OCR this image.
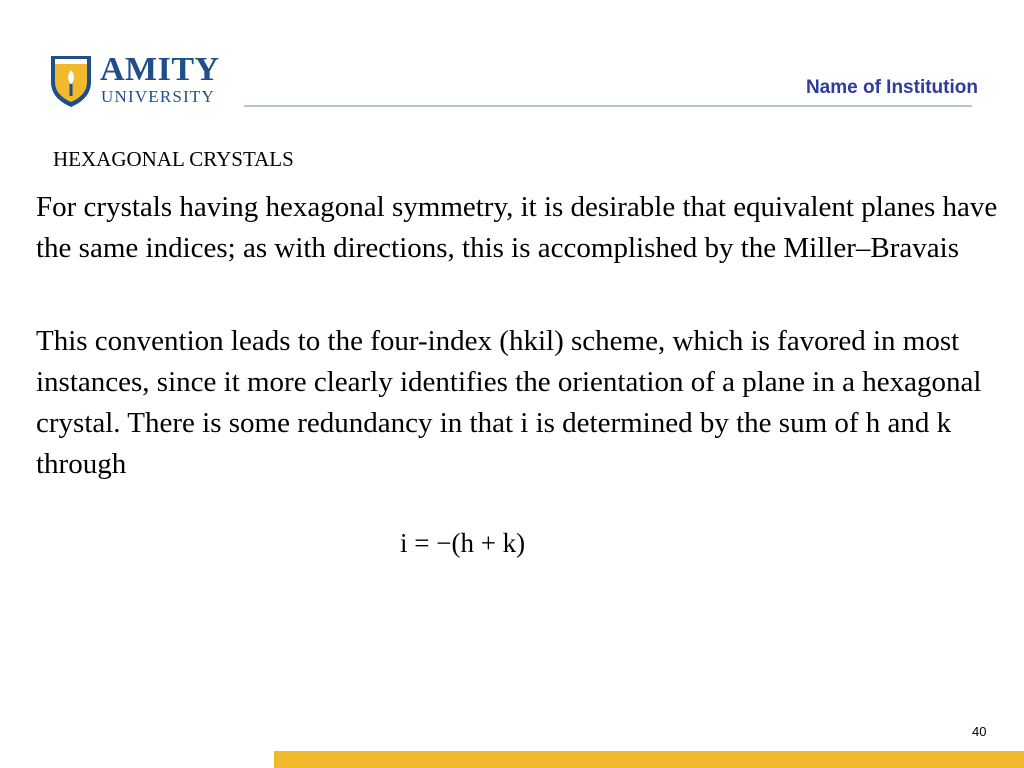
AMITY
UNIVERSITY	Name of Institution
HEXAGONAL CRYSTALS

For crystals having hexagonal symmetry, it is desirable that equivalent planes have the same indices; as with directions, this is accomplished by the Miller–Bravais

This convention leads to the four-index (hkil) scheme, which is favored in most instances, since it more clearly identifies the orientation of a plane in a hexagonal crystal. There is some redundancy in that i is determined by the sum of h and k through

i = −(h + k)
40
